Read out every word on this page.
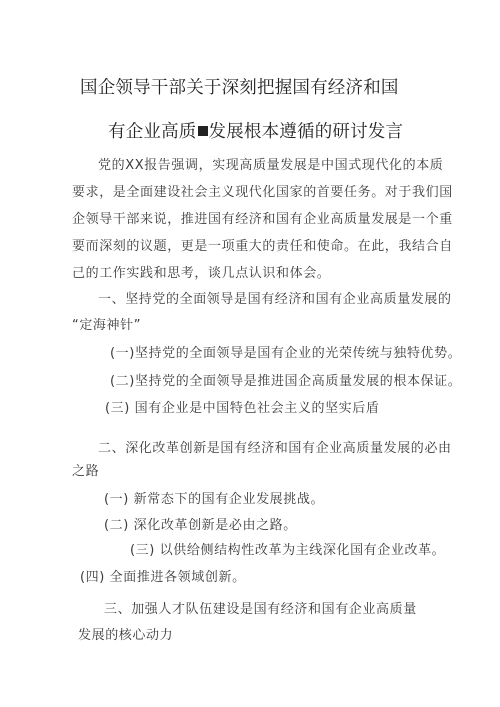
国企领导干部关于深刻把握国有经济和国
有企业高质 发展根本遵循的研讨发言
党的XX报告强调，实现高质量发展是中国式现代化的本质
要求，是全面建设社会主义现代化国家的首要任务。对于我们国
企领导干部来说，推进国有经济和国有企业高质量发展是一个重
要而深刻的议题，更是一项重大的责任和使命。在此，我结合自
己的工作实践和思考，谈几点认识和体会。
一、坚持党的全面领导是国有经济和国有企业高质量发展的
“定海神针”
(一)坚持党的全面领导是国有企业的光荣传统与独特优势。
(二)坚持党的全面领导是推进国企高质量发展的根本保证。
(三) 国有企业是中国特色社会主义的坚实后盾
二、深化改革创新是国有经济和国有企业高质量发展的必由
之路
(一) 新常态下的国有企业发展挑战。
(二) 深化改革创新是必由之路。
(三) 以供给侧结构性改革为主线深化国有企业改革。
(四) 全面推进各领域创新。
三、加强人才队伍建设是国有经济和国有企业高质量
发展的核心动力
